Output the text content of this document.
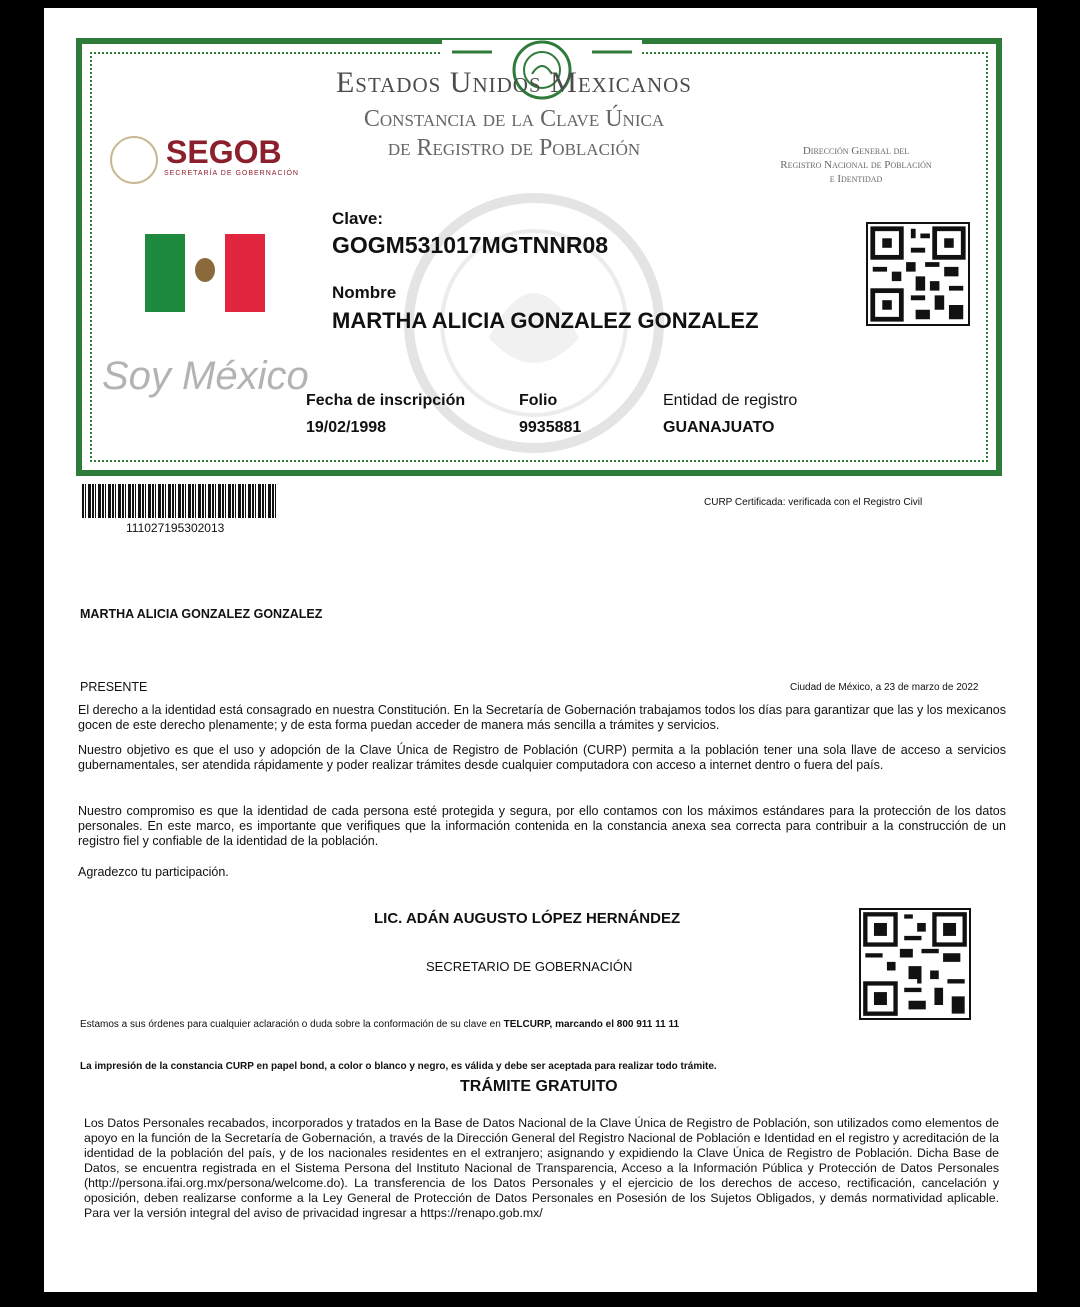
Estados Unidos Mexicanos
Constancia de la Clave Única
de Registro de Población
SEGOB
SECRETARÍA DE GOBERNACIÓN
Dirección General del
Registro Nacional de Población
e Identidad
Clave:
GOGM531017MGTNNR08
Nombre
MARTHA ALICIA GONZALEZ GONZALEZ
Soy México
Fecha de inscripción
19/02/1998
Folio
9935881
Entidad de registro
GUANAJUATO
111027195302013
CURP Certificada: verificada con el Registro Civil
MARTHA ALICIA GONZALEZ GONZALEZ
PRESENTE	Ciudad de México, a 23 de marzo de 2022
El derecho a la identidad está consagrado en nuestra Constitución. En la Secretaría de Gobernación trabajamos todos los días para garantizar que las y los mexicanos gocen de este derecho plenamente; y de esta forma puedan acceder de manera más sencilla a trámites y servicios.
Nuestro objetivo es que el uso y adopción de la Clave Única de Registro de Población (CURP) permita a la población tener una sola llave de acceso a servicios gubernamentales, ser atendida rápidamente y poder realizar trámites desde cualquier computadora con acceso a internet dentro o fuera del país.
Nuestro compromiso es que la identidad de cada persona esté protegida y segura, por ello contamos con los máximos estándares para la protección de los datos personales. En este marco, es importante que verifiques que la información contenida en la constancia anexa sea correcta para contribuir a la construcción de un registro fiel y confiable de la identidad de la población.
Agradezco tu participación.
LIC. ADÁN AUGUSTO LÓPEZ HERNÁNDEZ
SECRETARIO DE GOBERNACIÓN
Estamos a sus órdenes para cualquier aclaración o duda sobre la conformación de su clave en TELCURP, marcando el 800 911 11 11
La impresión de la constancia CURP en papel bond, a color o blanco y negro, es válida y debe ser aceptada para realizar todo trámite.
TRÁMITE GRATUITO
Los Datos Personales recabados, incorporados y tratados en la Base de Datos Nacional de la Clave Única de Registro de Población, son utilizados como elementos de apoyo en la función de la Secretaría de Gobernación, a través de la Dirección General del Registro Nacional de Población e Identidad en el registro y acreditación de la identidad de la población del país, y de los nacionales residentes en el extranjero; asignando y expidiendo la Clave Única de Registro de Población. Dicha Base de Datos, se encuentra registrada en el Sistema Persona del Instituto Nacional de Transparencia, Acceso a la Información Pública y Protección de Datos Personales (http://persona.ifai.org.mx/persona/welcome.do). La transferencia de los Datos Personales y el ejercicio de los derechos de acceso, rectificación, cancelación y oposición, deben realizarse conforme a la Ley General de Protección de Datos Personales en Posesión de los Sujetos Obligados, y demás normatividad aplicable. Para ver la versión integral del aviso de privacidad ingresar a https://renapo.gob.mx/
